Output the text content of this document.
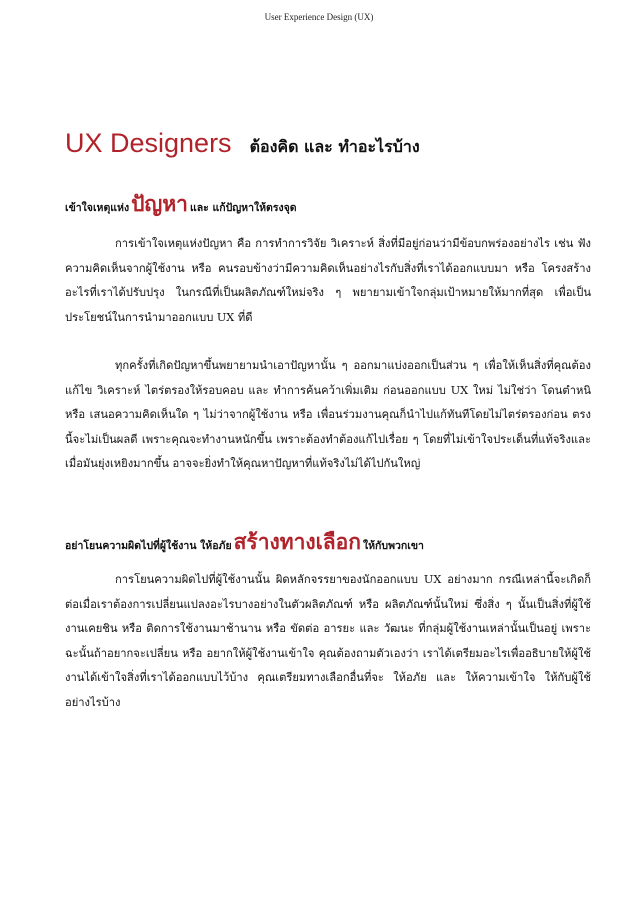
User Experience Design (UX)
UX Designers ต้องคิด และ ทำอะไรบ้าง
เข้าใจเหตุแห่งปัญหา และ แก้ปัญหาให้ตรงจุด

การเข้าใจเหตุแห่งปัญหา คือ การทำการวิจัย วิเคราะห์ สิ่งที่มีอยู่ก่อนว่ามีข้อบกพร่องอย่างไร เช่น ฟังความคิดเห็นจากผู้ใช้งาน หรือ คนรอบข้างว่ามีความคิดเห็นอย่างไรกับสิ่งที่เราได้ออกแบบมา หรือ โครงสร้างอะไรที่เราได้ปรับปรุง ในกรณีที่เป็นผลิตภัณฑ์ใหม่จริง ๆ พยายามเข้าใจกลุ่มเป้าหมายให้มากที่สุด เพื่อเป็นประโยชน์ในการนำมาออกแบบ UX ที่ดี

ทุกครั้งที่เกิดปัญหาขึ้นพยายามนำเอาปัญหานั้น ๆ ออกมาแบ่งออกเป็นส่วน ๆ เพื่อให้เห็นสิ่งที่คุณต้องแก้ไข วิเคราะห์ ไตร่ตรองให้รอบคอบ และ ทำการค้นคว้าเพิ่มเติม ก่อนออกแบบ UX ใหม่ ไม่ใช่ว่า โดนตำหนิ หรือ เสนอความคิดเห็นใด ๆ ไม่ว่าจากผู้ใช้งาน หรือ เพื่อนร่วมงานคุณก็นำไปแก้ทันทีโดยไม่ไตร่ตรองก่อน ตรงนี้จะไม่เป็นผลดี เพราะคุณจะทำงานหนักขึ้น เพราะต้องทำต้องแก้ไปเรื่อย ๆ โดยที่ไม่เข้าใจประเด็นที่แท้จริงและ เมื่อมันยุ่งเหยิงมากขึ้น อาจจะยิ่งทำให้คุณหาปัญหาที่แท้จริงไม่ได้ไปกันใหญ่

อย่าโยนความผิดไปที่ผู้ใช้งาน ให้อภัยสร้างทางเลือก ให้กับพวกเขา

การโยนความผิดไปที่ผู้ใช้งานนั้น ผิดหลักจรรยาของนักออกแบบ UX อย่างมาก กรณีเหล่านี้จะเกิดก็ต่อเมื่อเราต้องการเปลี่ยนแปลงอะไรบางอย่างในตัวผลิตภัณฑ์ หรือ ผลิตภัณฑ์นั้นใหม่ ซึ่งสิ่ง ๆ นั้นเป็นสิ่งที่ผู้ใช้งานเคยชิน หรือ ติดการใช้งานมาช้านาน หรือ ขัดต่อ อารยะ และ วัฒนะ ที่กลุ่มผู้ใช้งานเหล่านั้นเป็นอยู่ เพราะฉะนั้นถ้าอยากจะเปลี่ยน หรือ อยากให้ผู้ใช้งานเข้าใจ คุณต้องถามตัวเองว่า เราได้เตรียมอะไรเพื่ออธิบายให้ผู้ใช้งานได้เข้าใจสิ่งที่เราได้ออกแบบไว้บ้าง คุณเตรียมทางเลือกอื่นที่จะ ให้อภัย และ ให้ความเข้าใจ ให้กับผู้ใช้อย่างไรบ้าง
